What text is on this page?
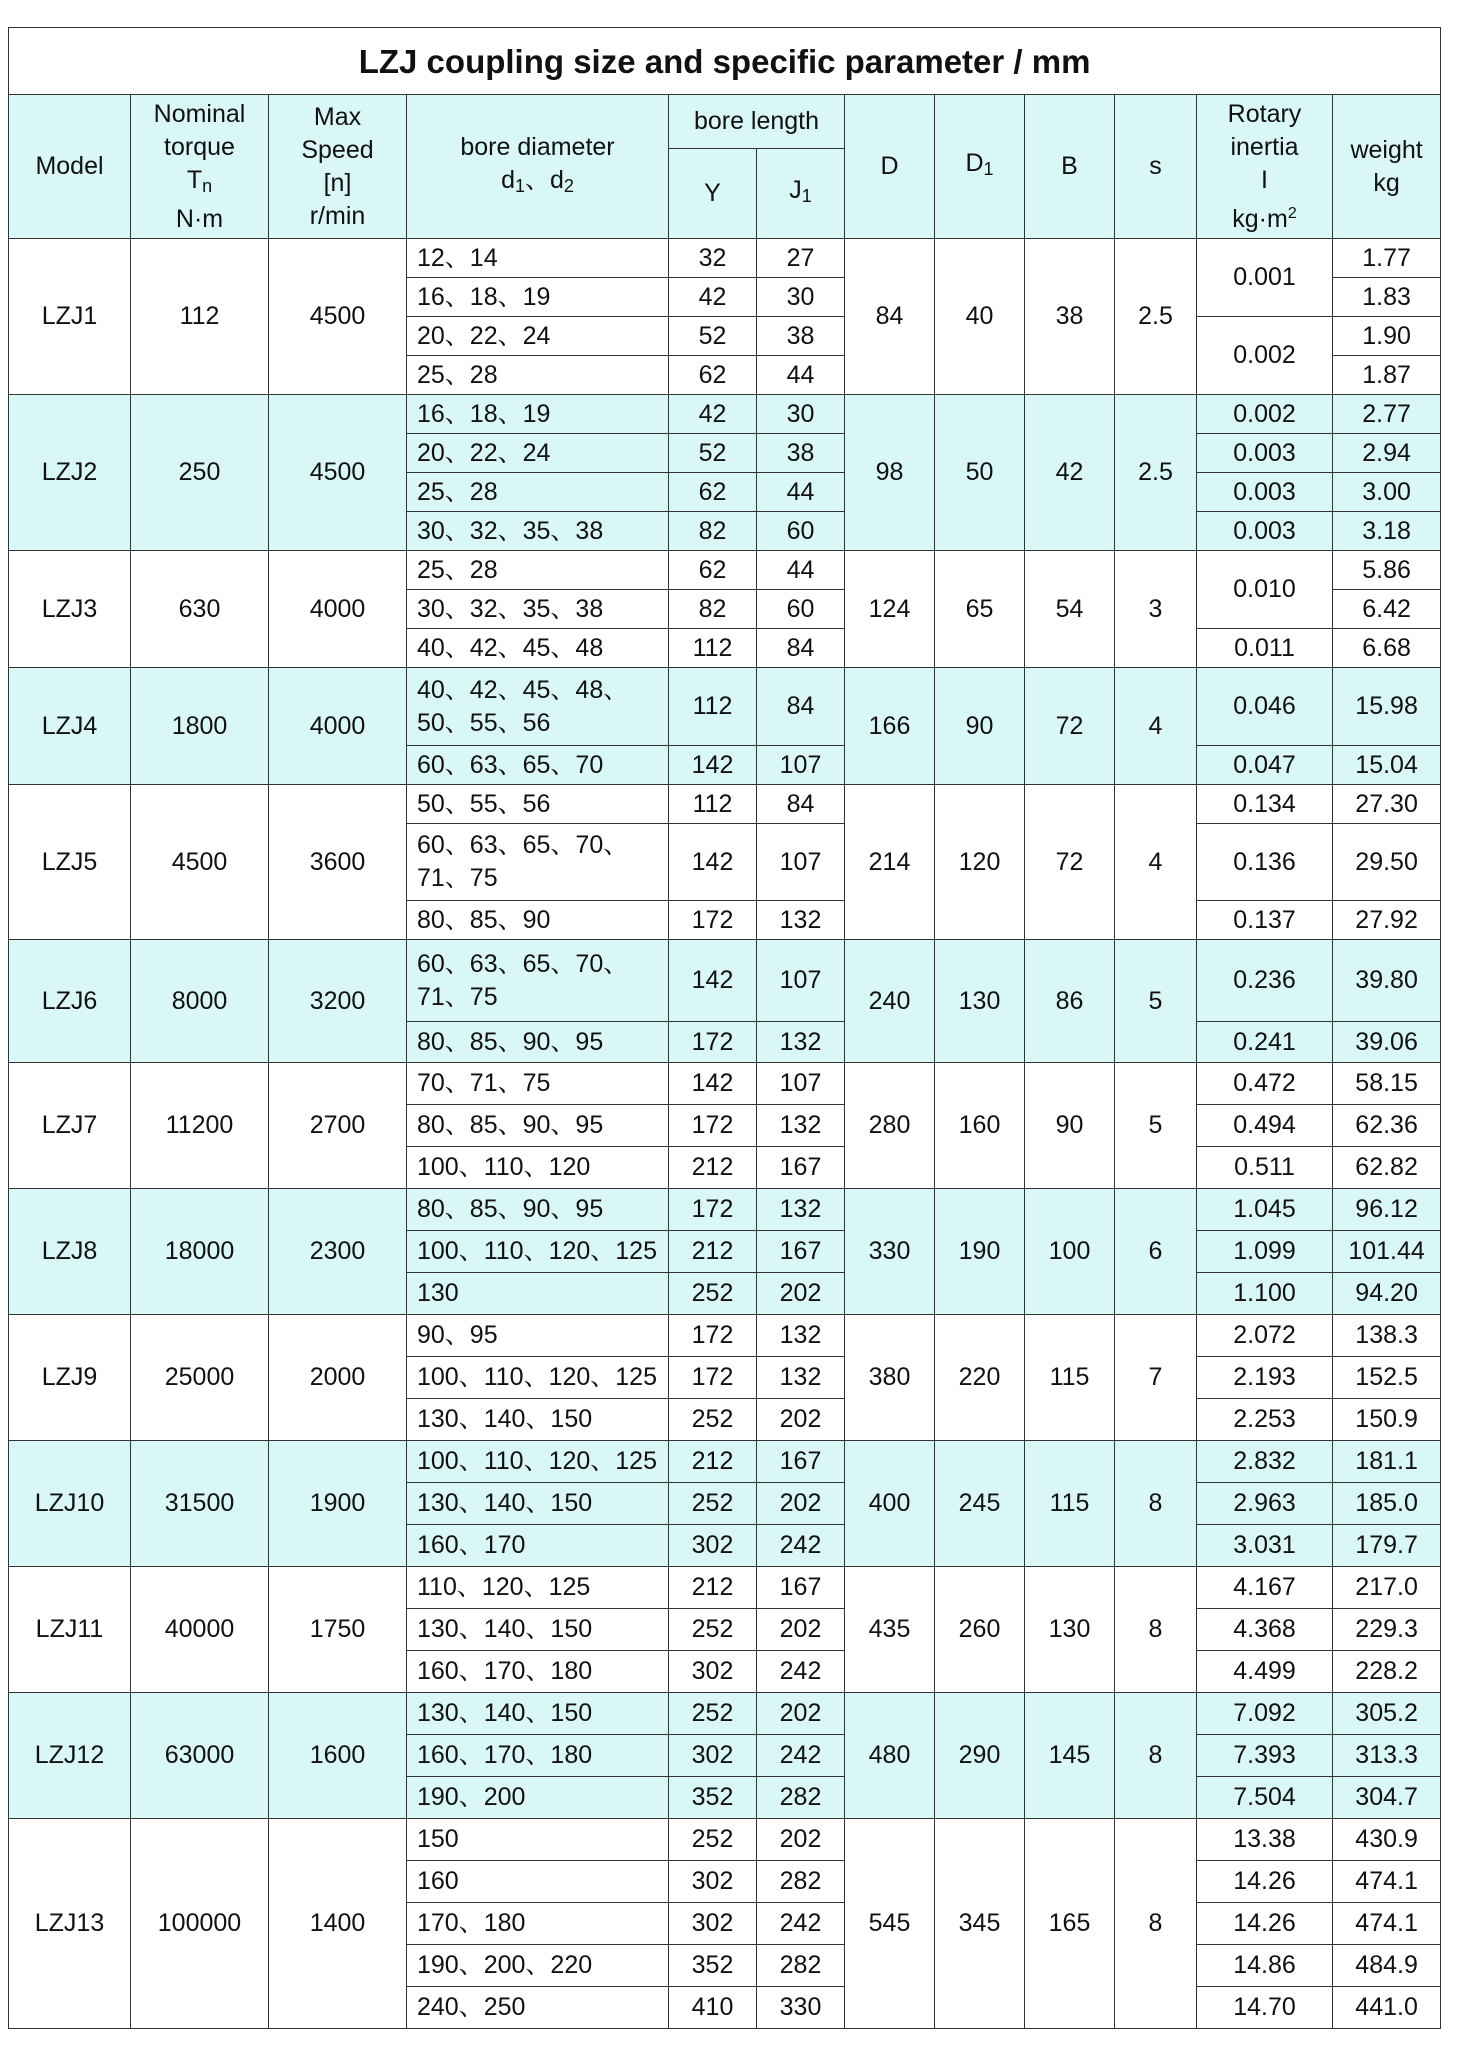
LZJ coupling size and specific parameter / mm											
Model	Nominal
torque
$T_n$
N·m	Max
Speed
[n]
r/min	bore diameter
$d_1$、$d_2$	bore length		D	$D_1$	B	s	Rotary
inertia
I
$kg\cdot m^2$	weight
kg
				Y	$J_1$
LZJ1	112	4500	12、14	32	27	84	40	38	2.5	0.001	1.77
			16、18、19	42	30						1.83
			20、22、24	52	38					0.002	1.90
			25、28	62	44						1.87
LZJ2	250	4500	16、18、19	42	30	98	50	42	2.5	0.002	2.77
			20、22、24	52	38					0.003	2.94
			25、28	62	44					0.003	3.00
			30、32、35、38	82	60					0.003	3.18
LZJ3	630	4000	25、28	62	44	124	65	54	3	0.010	5.86
			30、32、35、38	82	60						6.42
			40、42、45、48	112	84					0.011	6.68
LZJ4	1800	4000	40、42、45、48、
50、55、56	112	84	166	90	72	4	0.046	15.98
			60、63、65、70	142	107					0.047	15.04
LZJ5	4500	3600	50、55、56	112	84	214	120	72	4	0.134	27.30
			60、63、65、70、
71、75	142	107					0.136	29.50
			80、85、90	172	132					0.137	27.92
LZJ6	8000	3200	60、63、65、70、
71、75	142	107	240	130	86	5	0.236	39.80
			80、85、90、95	172	132					0.241	39.06
LZJ7	11200	2700	70、71、75	142	107	280	160	90	5	0.472	58.15
			80、85、90、95	172	132					0.494	62.36
			100、110、120	212	167					0.511	62.82
LZJ8	18000	2300	80、85、90、95	172	132	330	190	100	6	1.045	96.12
			100、110、120、125	212	167					1.099	101.44
			130	252	202					1.100	94.20
LZJ9	25000	2000	90、95	172	132	380	220	115	7	2.072	138.3
			100、110、120、125	172	132					2.193	152.5
			130、140、150	252	202					2.253	150.9
LZJ10	31500	1900	100、110、120、125	212	167	400	245	115	8	2.832	181.1
			130、140、150	252	202					2.963	185.0
			160、170	302	242					3.031	179.7
LZJ11	40000	1750	110、120、125	212	167	435	260	130	8	4.167	217.0
			130、140、150	252	202					4.368	229.3
			160、170、180	302	242					4.499	228.2
LZJ12	63000	1600	130、140、150	252	202	480	290	145	8	7.092	305.2
			160、170、180	302	242					7.393	313.3
			190、200	352	282					7.504	304.7
LZJ13	100000	1400	150	252	202	545	345	165	8	13.38	430.9
			160	302	282					14.26	474.1
			170、180	302	242					14.26	474.1
			190、200、220	352	282					14.86	484.9
			240、250	410	330					14.70	441.0
